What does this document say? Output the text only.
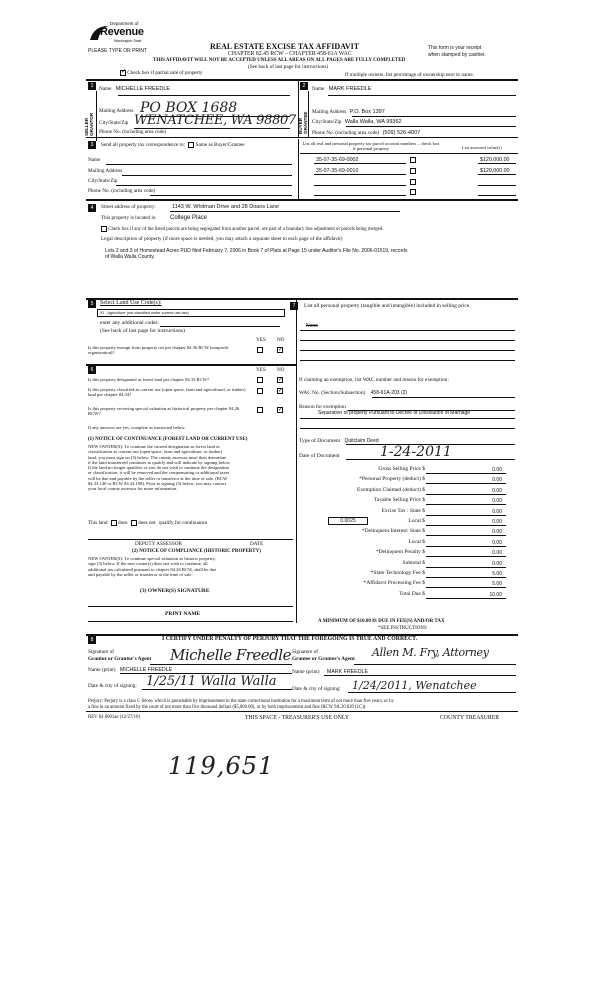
Department of
Revenue
Washington State
PLEASE TYPE OR PRINT	REAL ESTATE EXCISE TAX AFFIDAVIT
CHAPTER 82.45 RCW – CHAPTER 458-61A WAC
THIS AFFIDAVIT WILL NOT BE ACCEPTED UNLESS ALL AREAS ON ALL PAGES ARE FULLY COMPLETED
(See back of last page for instructions)
This form is your receipt
when stamped by cashier.
✓ Check box if partial sale of property	If multiple owners, list percentage of ownership next to name.
1
SELLER GRANTOR
Name MICHELLE FREEDLE
Mailing Address PO BOX 1688
City/State/Zip WENATCHEE, WA 98807
Phone No. (including area code)
2
BUYER GRANTEE
Name MARK FREEDLE
Mailing Address P.O. Box 1397
City/State/Zip Walla Walla, WA 99362
Phone No. (including area code) (509) 526-4007
3	Send all property tax correspondence to: Same as Buyer/Grantee
Name
Mailing Address
City/State/Zip
Phone No. (including area code)
List all real and personal property tax parcel account numbers – check box if personal property	List assessed value(s)
35-07-35-69-0002	$120,000.00
35-07-35-69-0010	$120,000.00
4	Street address of property:	1143 W. Whitman Drive and 28 Doans Lane
This property is located in College Place
Check box if any of the listed parcels are being segregated from another parcel, are part of a boundary line adjustment or parcels being merged.
Legal description of property (if more space is needed, you may attach a separate sheet to each page of the affidavit)
Lots 2 and 3 of Homestead Acres PUD filed February 7, 2006 in Book 7 of Plats at Page 15 under Auditor's File No. 2006-01519, records
of Walla Walla County.
5	Select Land Use Code(s):
91 - Agriculture (not classified under current use law)
enter any additional codes:
(See back of last page for instructions)
YES NO
Is this property exempt from property tax per chapter 84.36 RCW (nonprofit organization)?
✓
6	YES NO
Is this property designated as forest land per chapter 84.33 RCW?
✓
Is this property classified as current use (open space, farm and agricultural, or timber) land per chapter 84.34?
✓
Is this property receiving special valuation as historical property per chapter 84.26 RCW?
✓
If any answers are yes, complete as instructed below.
(1) NOTICE OF CONTINUANCE (FOREST LAND OR CURRENT USE)
NEW OWNER(S): To continue the current designation as forest land or
classification as current use (open space, farm and agriculture, or timber)
land, you must sign on (3) below. The county assessor must then determine
if the land transferred continues to qualify and will indicate by signing below.
If the land no longer qualifies or you do not wish to continue the designation
or classification, it will be removed and the compensating or additional taxes
will be due and payable by the seller or transferor at the time of sale. (RCW
84.33.140 or RCW 84.34.108). Prior to signing (3) below, you may contact
your local county assessor for more information.
This land does does not qualify for continuance.
DEPUTY ASSESSOR	DATE
(2) NOTICE OF COMPLIANCE (HISTORIC PROPERTY)
NEW OWNER(S): To continue special valuation as historic property,
sign (3) below. If the new owner(s) does not wish to continue, all
additional tax calculated pursuant to chapter 84.26 RCW, shall be due
and payable by the seller or transferor at the time of sale.
(3) OWNER(S) SIGNATURE
PRINT NAME
7	List all personal property (tangible and intangible) included in selling price.
None
If claiming an exemption, list WAC number and reason for exemption:
WAC No. (Section/Subsection) 458-61A-203 (2)
Reason for exemption
Separation of property Pursuant to Decree of Dissolution of Marriage
Type of Document Quitclaim Deed
Date of Document	1-24-2011
Gross Selling Price $	0.00
*Personal Property (deduct) $	0.00
Exemption Claimed (deduct) $	0.00
Taxable Selling Price $	0.00
Excise Tax : State $	0.00
Local $	0.00
0.0025
*Delinquent Interest: State $	0.00
Local $	0.00
*Delinquent Penalty $	0.00
Subtotal $	0.00
*State Technology Fee $	5.00
*Affidavit Processing Fee $	5.00
Total Due $	10.00
A MINIMUM OF $10.00 IS DUE IN FEE(S) AND/OR TAX
*SEE INSTRUCTIONS
8	I CERTIFY UNDER PENALTY OF PERJURY THAT THE FOREGOING IS TRUE AND CORRECT.
Signature of
Grantor or Grantor's Agent Michelle Freedle
Name (print) MICHELLE FREEDLE
Date & city of signing: 1/25/11 Walla Walla
Signature of
Grantee or Grantee's Agent Allen M. Fry, Attorney
Name (print) MARK FREEDLE
Date & city of signing: 1/24/2011, Wenatchee
Perjury: Perjury is a class C felony which is punishable by imprisonment in the state correctional institution for a maximum term of not more than five years, or by
a fine in an amount fixed by the court of not more than five thousand dollars ($5,000.00), or by both imprisonment and fine (RCW 9A.20.020 (1C)).
REV 84 0001ae (12/27/10)	THIS SPACE - TREASURER'S USE ONLY	COUNTY TREASURER
119,651
